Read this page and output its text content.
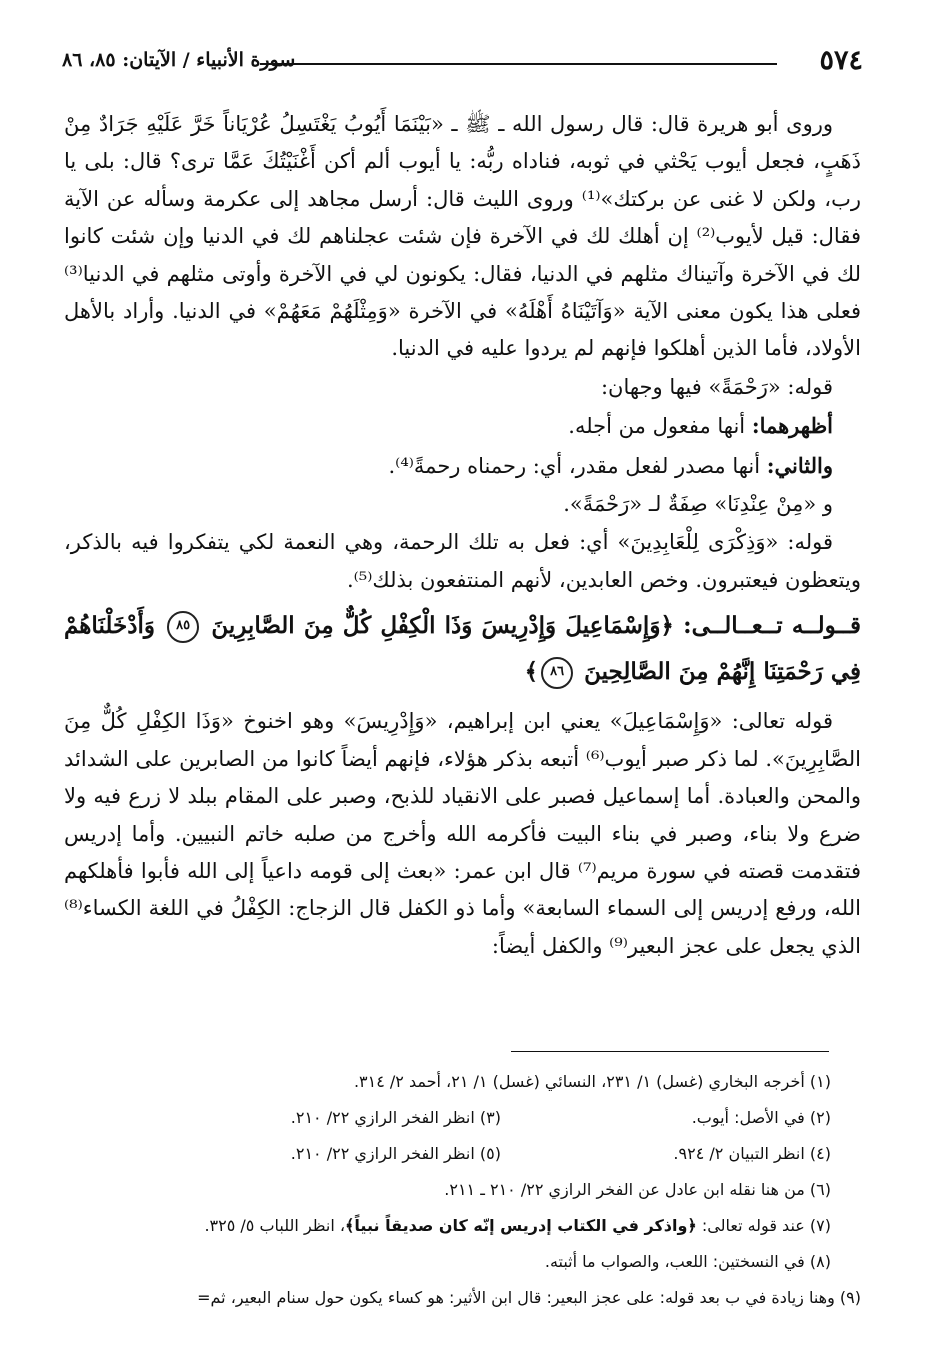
٥٧٤
سورة الأنبياء / الآيتان: ٨٥، ٨٦

وروى أبو هريرة قال: قال رسول الله ـ ﷺ ـ «بَيْنَمَا أَيُوبُ يَغْتَسِلُ عُرْيَاناً خَرَّ عَلَيْهِ جَرَادٌ مِنْ ذَهَبٍ، فجعل أيوب يَحْثي في ثوبه، فناداه ربُّه: يا أيوب ألم أكن أَغْنَيْتُكَ عَمَّا ترى؟ قال: بلى يا رب، ولكن لا غنى عن بركتك»⁽¹⁾ وروى الليث قال: أرسل مجاهد إلى عكرمة وسأله عن الآية فقال: قيل لأيوب⁽²⁾ إن أهلك لك في الآخرة فإن شئت عجلناهم لك في الدنيا وإن شئت كانوا لك في الآخرة وآتيناك مثلهم في الدنيا، فقال: يكونون لي في الآخرة وأوتى مثلهم في الدنيا⁽³⁾ فعلى هذا يكون معنى الآية «وَآتَيْنَاهُ أَهْلَهُ» في الآخرة «وَمِثْلَهُمْ مَعَهُمْ» في الدنيا. وأراد بالأهل الأولاد، فأما الذين أهلكوا فإنهم لم يردوا عليه في الدنيا.

قوله: «رَحْمَةً» فيها وجهان:

أظهرهما: أنها مفعول من أجله.

والثاني: أنها مصدر لفعل مقدر، أي: رحمناه رحمةً⁽⁴⁾.

و «مِنْ عِنْدِنَا» صِفَةٌ لـ «رَحْمَةً».

قوله: «وَذِكْرَى لِلْعَابِدِينَ» أي: فعل به تلك الرحمة، وهي النعمة لكي يتفكروا فيه بالذكر، ويتعظون فيعتبرون. وخص العابدين، لأنهم المنتفعون بذلك⁽⁵⁾.

قــولــه تــعــالــى: ﴿وَإِسْمَاعِيلَ وَإِدْرِيسَ وَذَا الْكِفْلِ كُلٌّ مِنَ الصَّابِرِينَ ٨٥ وَأَدْخَلْنَاهُمْ فِي رَحْمَتِنَا إِنَّهُمْ مِنَ الصَّالِحِينَ ٨٦﴾

قوله تعالى: «وَإِسْمَاعِيلَ» يعني ابن إبراهيم، «وَإِدْرِيسَ» وهو اخنوخ «وَذَا الكِفْلِ كُلٌّ مِنَ الصَّابِرِينَ». لما ذكر صبر أيوب⁽⁶⁾ أتبعه بذكر هؤلاء، فإنهم أيضاً كانوا من الصابرين على الشدائد والمحن والعبادة. أما إسماعيل فصبر على الانقياد للذبح، وصبر على المقام ببلد لا زرع فيه ولا ضرع ولا بناء، وصبر في بناء البيت فأكرمه الله وأخرج من صلبه خاتم النبيين. وأما إدريس فتقدمت قصته في سورة مريم⁽⁷⁾ قال ابن عمر: «بعث إلى قومه داعياً إلى الله فأبوا فأهلكهم الله، ورفع إدريس إلى السماء السابعة» وأما ذو الكفل قال الزجاج: الكِفْلُ في اللغة الكساء⁽⁸⁾ الذي يجعل على عجز البعير⁽⁹⁾ والكفل أيضاً:

(١) أخرجه البخاري (غسل) ١/ ٢٣١، النسائي (غسل) ١/ ٢١، أحمد ٢/ ٣١٤.

(٢) في الأصل: أيوب.

(٣) انظر الفخر الرازي ٢٢/ ٢١٠.

(٤) انظر التبيان ٢/ ٩٢٤.

(٥) انظر الفخر الرازي ٢٢/ ٢١٠.

(٦) من هنا نقله ابن عادل عن الفخر الرازي ٢٢/ ٢١٠ ـ ٢١١.

(٧) عند قوله تعالى: ﴿واذكر في الكتاب إدريس إنّه كان صديقاً نبياً﴾، انظر اللباب ٥/ ٣٢٥.

(٨) في النسختين: اللعب، والصواب ما أثبته.

(٩) وهنا زيادة في ب بعد قوله: على عجز البعير: قال ابن الأثير: هو كساء يكون حول سنام البعير، ثم=
